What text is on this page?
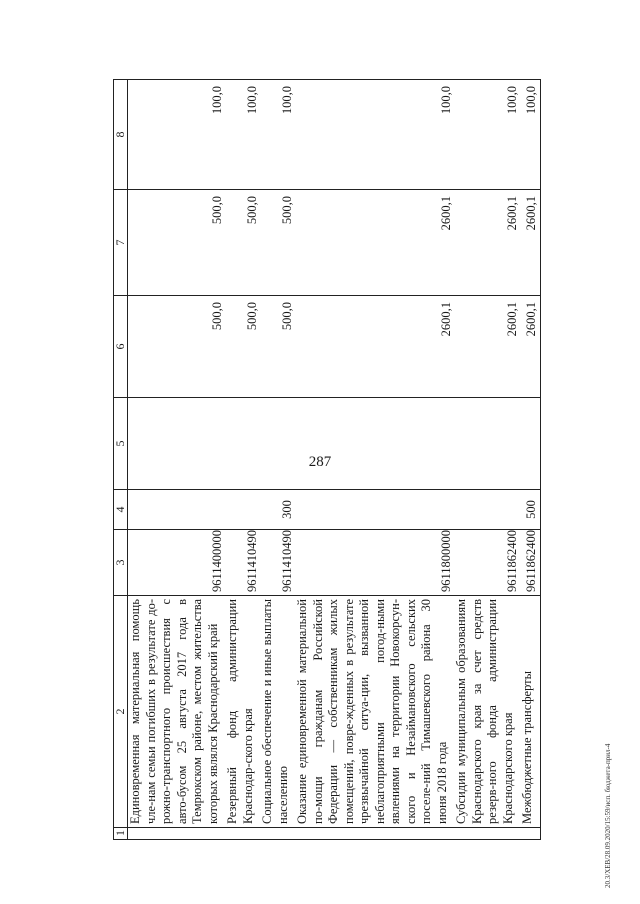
287
1	2	3	4	5	6	7	8
	Единовременная материальная помощь чле-нам семьи погибших в результате до-рожно-транспортного происшествия с авто-бусом 25 августа 2017 года в Темрюкском районе, местом жительства которых являлся Краснодарский край	9611400000			500,0	500,0	100,0
	Резервный фонд администрации Краснодар-ского края	9611410490			500,0	500,0	100,0
	Социальное обеспечение и иные выплаты населению	9611410490	300		500,0	500,0	100,0
	Оказание единовременной материальной по-мощи гражданам Российской Федерации — собственникам жилых помещений, повре-жденных в результате чрезвычайной ситуа-ции, вызванной неблагоприятными погод-ными явлениями на территории Новокорсун-ского и Незаймановского сельских поселе-ний Тимашевского района 30 июня 2018 года	9611800000			2600,1	2600,1	100,0
	Субсидии муниципальным образованиям Краснодарского края за счет средств резерв-ного фонда администрации Краснодарского края	9611862400			2600,1	2600,1	100,0
	Межбюджетные трансферты	9611862400	500		2600,1	2600,1	100,0
20.3/XEB/28.09.2020/15:59/исп. бюджета-прил-4
